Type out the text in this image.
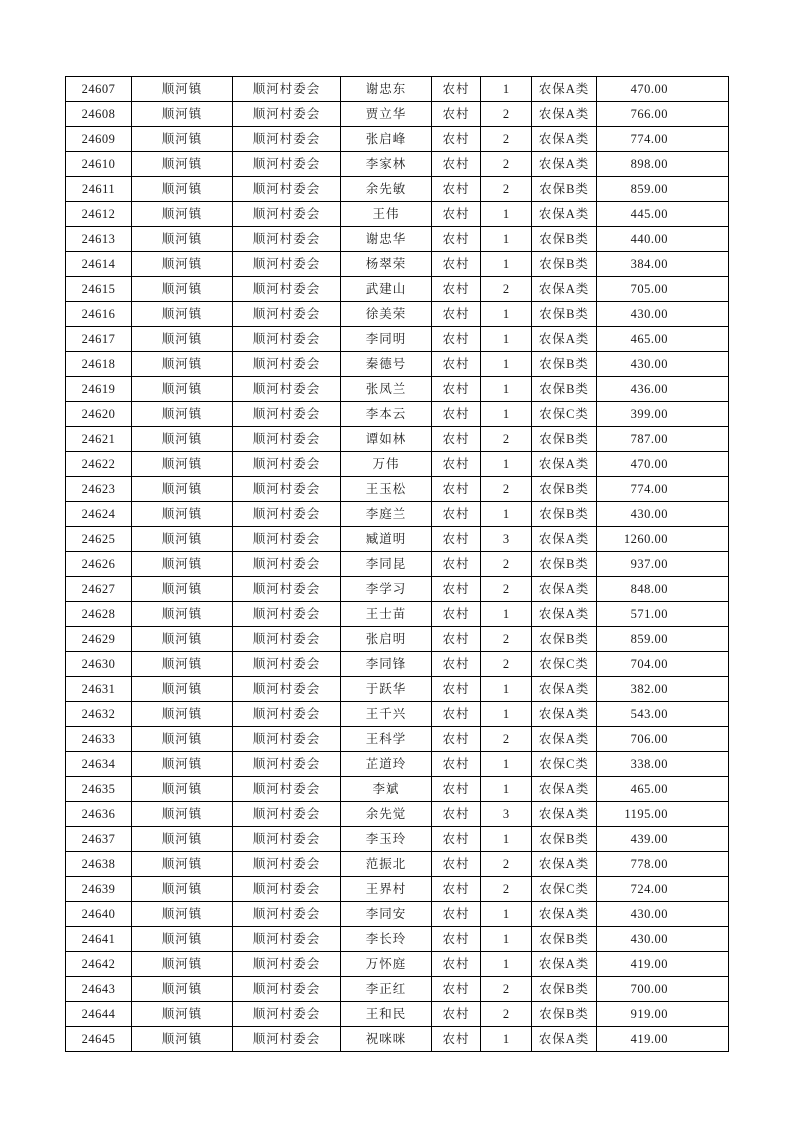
24607	顺河镇	顺河村委会	谢忠东	农村	1	农保A类	470.00
24608	顺河镇	顺河村委会	贾立华	农村	2	农保A类	766.00
24609	顺河镇	顺河村委会	张启峰	农村	2	农保A类	774.00
24610	顺河镇	顺河村委会	李家林	农村	2	农保A类	898.00
24611	顺河镇	顺河村委会	余先敏	农村	2	农保B类	859.00
24612	顺河镇	顺河村委会	王伟	农村	1	农保A类	445.00
24613	顺河镇	顺河村委会	谢忠华	农村	1	农保B类	440.00
24614	顺河镇	顺河村委会	杨翠荣	农村	1	农保B类	384.00
24615	顺河镇	顺河村委会	武建山	农村	2	农保A类	705.00
24616	顺河镇	顺河村委会	徐美荣	农村	1	农保B类	430.00
24617	顺河镇	顺河村委会	李同明	农村	1	农保A类	465.00
24618	顺河镇	顺河村委会	秦德号	农村	1	农保B类	430.00
24619	顺河镇	顺河村委会	张凤兰	农村	1	农保B类	436.00
24620	顺河镇	顺河村委会	李本云	农村	1	农保C类	399.00
24621	顺河镇	顺河村委会	谭如林	农村	2	农保B类	787.00
24622	顺河镇	顺河村委会	万伟	农村	1	农保A类	470.00
24623	顺河镇	顺河村委会	王玉松	农村	2	农保B类	774.00
24624	顺河镇	顺河村委会	李庭兰	农村	1	农保B类	430.00
24625	顺河镇	顺河村委会	臧道明	农村	3	农保A类	1260.00
24626	顺河镇	顺河村委会	李同昆	农村	2	农保B类	937.00
24627	顺河镇	顺河村委会	李学习	农村	2	农保A类	848.00
24628	顺河镇	顺河村委会	王士苗	农村	1	农保A类	571.00
24629	顺河镇	顺河村委会	张启明	农村	2	农保B类	859.00
24630	顺河镇	顺河村委会	李同锋	农村	2	农保C类	704.00
24631	顺河镇	顺河村委会	于跃华	农村	1	农保A类	382.00
24632	顺河镇	顺河村委会	王千兴	农村	1	农保A类	543.00
24633	顺河镇	顺河村委会	王科学	农村	2	农保A类	706.00
24634	顺河镇	顺河村委会	芷道玲	农村	1	农保C类	338.00
24635	顺河镇	顺河村委会	李斌	农村	1	农保A类	465.00
24636	顺河镇	顺河村委会	余先觉	农村	3	农保A类	1195.00
24637	顺河镇	顺河村委会	李玉玲	农村	1	农保B类	439.00
24638	顺河镇	顺河村委会	范振北	农村	2	农保A类	778.00
24639	顺河镇	顺河村委会	王界村	农村	2	农保C类	724.00
24640	顺河镇	顺河村委会	李同安	农村	1	农保A类	430.00
24641	顺河镇	顺河村委会	李长玲	农村	1	农保B类	430.00
24642	顺河镇	顺河村委会	万怀庭	农村	1	农保A类	419.00
24643	顺河镇	顺河村委会	李正红	农村	2	农保B类	700.00
24644	顺河镇	顺河村委会	王和民	农村	2	农保B类	919.00
24645	顺河镇	顺河村委会	祝咪咪	农村	1	农保A类	419.00
